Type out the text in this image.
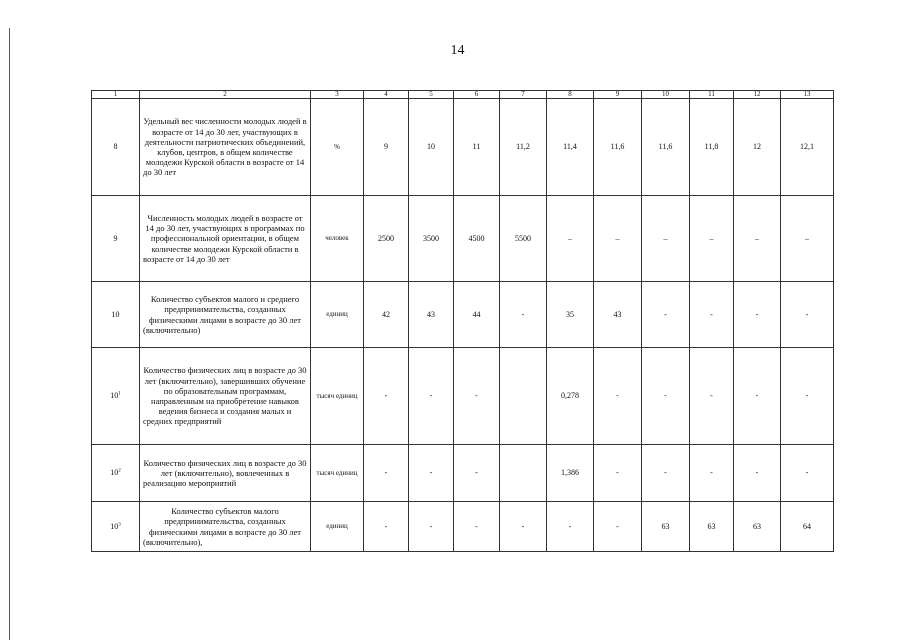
14
1	2	3	4	5	6	7	8	9	10	11	12	13
8	Удельный вес численности молодых людей в возрасте от 14 до 30 лет, участвующих в деятельности патриотических объединений, клубов, центров, в общем количестве молодежи Курской области в возрасте от 14 до 30 лет	%	9	10	11	11,2	11,4	11,6	11,6	11,8	12	12,1
9	Численность молодых людей в возрасте от 14 до 30 лет, участвующих в программах по профессиональной ориентации, в общем количестве молодежи Курской области в возрасте от 14 до 30 лет	человек	2500	3500	4500	5500	–	–	–	–	–	–
10	Количество субъектов малого и среднего предпринимательства, созданных физическими лицами в возрасте до 30 лет (включительно)	единиц	42	43	44	-	35	43	-	-	-	-
$10^1$	Количество физических лиц в возрасте до 30 лет (включительно), завершивших обучение по образовательным программам, направленным на приобретение навыков ведения бизнеса и создания малых и средних предприятий	тысяч единиц	-	-	-		0,278	-	-	-	-	-
$10^2$	Количество физических лиц в возрасте до 30 лет (включительно), вовлеченных в реализацию мероприятий	тысяч единиц	-	-	-		1,386	-	-	-	-	-
$10^3$	Количество субъектов малого предпринимательства, созданных физическими лицами в возрасте до 30 лет (включительно),	единиц	-	-	-	-	-	-	63	63	63	64
